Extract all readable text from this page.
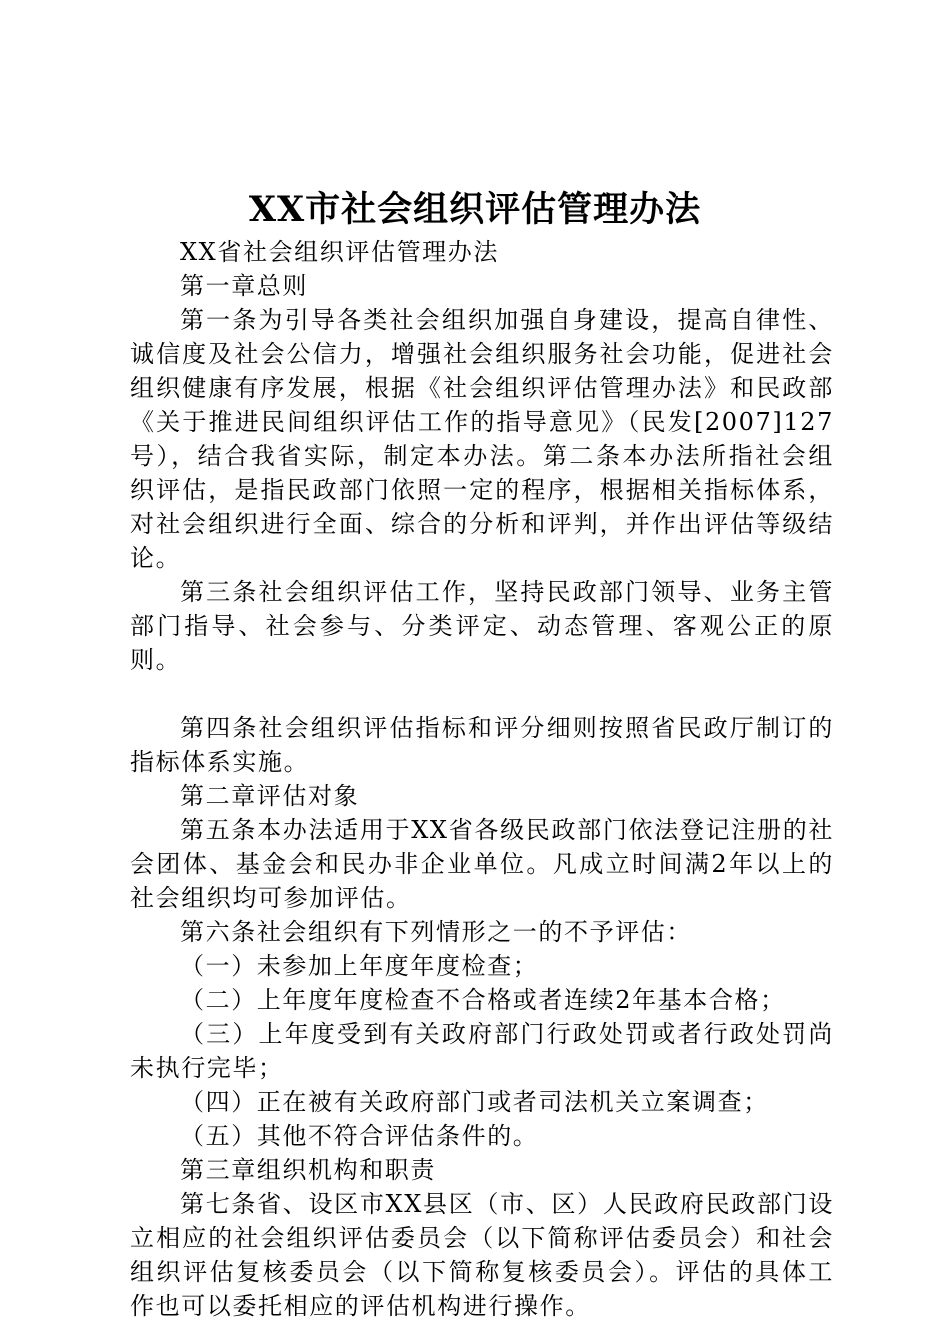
XX市社会组织评估管理办法

XX省社会组织评估管理办法

第一章总则

第一条为引导各类社会组织加强自身建设，提高自律性、诚信度及社会公信力，增强社会组织服务社会功能，促进社会组织健康有序发展，根据《社会组织评估管理办法》和民政部《关于推进民间组织评估工作的指导意见》（民发[2007]127号），结合我省实际，制定本办法。第二条本办法所指社会组织评估，是指民政部门依照一定的程序，根据相关指标体系，对社会组织进行全面、综合的分析和评判，并作出评估等级结论。

第三条社会组织评估工作，坚持民政部门领导、业务主管部门指导、社会参与、分类评定、动态管理、客观公正的原则。

第四条社会组织评估指标和评分细则按照省民政厅制订的指标体系实施。

第二章评估对象

第五条本办法适用于XX省各级民政部门依法登记注册的社会团体、基金会和民办非企业单位。凡成立时间满2年以上的社会组织均可参加评估。

第六条社会组织有下列情形之一的不予评估：

（一）未参加上年度年度检查；

（二）上年度年度检查不合格或者连续2年基本合格；

（三）上年度受到有关政府部门行政处罚或者行政处罚尚未执行完毕；

（四）正在被有关政府部门或者司法机关立案调查；

（五）其他不符合评估条件的。

第三章组织机构和职责

第七条省、设区市XX县区（市、区）人民政府民政部门设立相应的社会组织评估委员会（以下简称评估委员会）和社会组织评估复核委员会（以下简称复核委员会）。评估的具体工作也可以委托相应的评估机构进行操作。
